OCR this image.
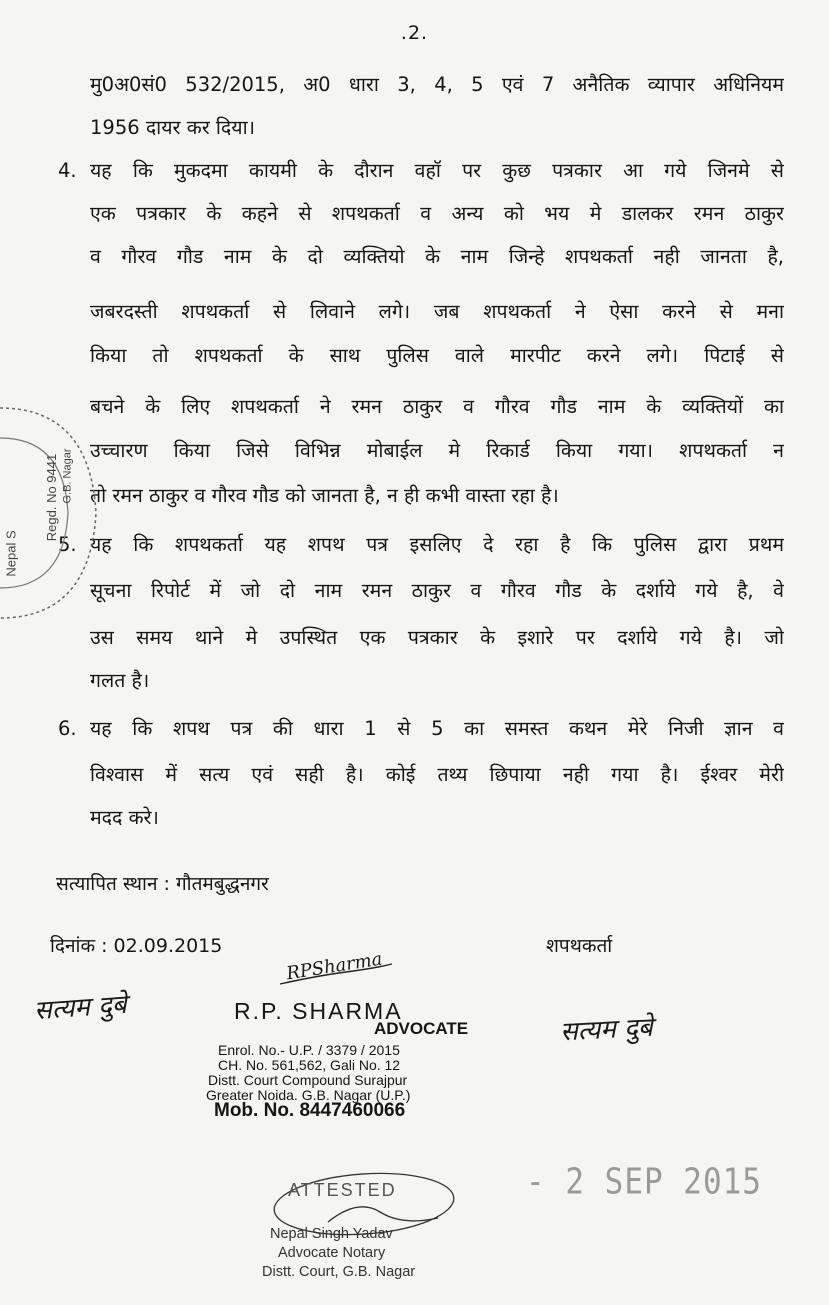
.2.
मु0अ0सं0 532/2015, अ0 धारा 3, 4, 5 एवं 7 अनैतिक व्यापार अधिनियम
1956 दायर कर दिया।
4. यह कि मुकदमा कायमी के दौरान वहॉ पर कुछ पत्रकार आ गये जिनमे से
एक पत्रकार के कहने से शपथकर्ता व अन्य को भय मे डालकर रमन ठाकुर
व गौरव गौड नाम के दो व्यक्तियो के नाम जिन्हे शपथकर्ता नही जानता है,
जबरदस्ती शपथकर्ता से लिवाने लगे। जब शपथकर्ता ने ऐसा करने से मना
किया तो शपथकर्ता के साथ पुलिस वाले मारपीट करने लगे। पिटाई से
बचने के लिए शपथकर्ता ने रमन ठाकुर व गौरव गौड नाम के व्यक्तियों का
उच्चारण किया जिसे विभिन्न मोबाईल मे रिकार्ड किया गया। शपथकर्ता न
तो रमन ठाकुर व गौरव गौड को जानता है, न ही कभी वास्ता रहा है।
5. यह कि शपथकर्ता यह शपथ पत्र इसलिए दे रहा है कि पुलिस द्वारा प्रथम
सूचना रिपोर्ट में जो दो नाम रमन ठाकुर व गौरव गौड के दर्शाये गये है, वे
उस समय थाने मे उपस्थित एक पत्रकार के इशारे पर दर्शाये गये है। जो
गलत है।
6. यह कि शपथ पत्र की धारा 1 से 5 का समस्त कथन मेरे निजी ज्ञान व
विश्वास में सत्य एवं सही है। कोई तथ्य छिपाया नही गया है। ईश्वर मेरी
मदद करे।
सत्यापित स्थान : गौतमबुद्धनगर
दिनांक : 02.09.2015	शपथकर्ता
सत्यम दुबे
सत्यम दुबे
RPSharma
R.P. SHARMA
ADVOCATE
Enrol. No.- U.P. / 3379 / 2015
CH. No. 561,562, Gali No. 12
Distt. Court Compound Surajpur
Greater Noida. G.B. Nagar (U.P.)
Mob. No. 8447460066
- 2 SEP 2015
ATTESTED
Nepal Singh Yadav
Advocate Notary
Distt. Court, G.B. Nagar
Nepal S
Regd. No 9441 G.B. Nagar
